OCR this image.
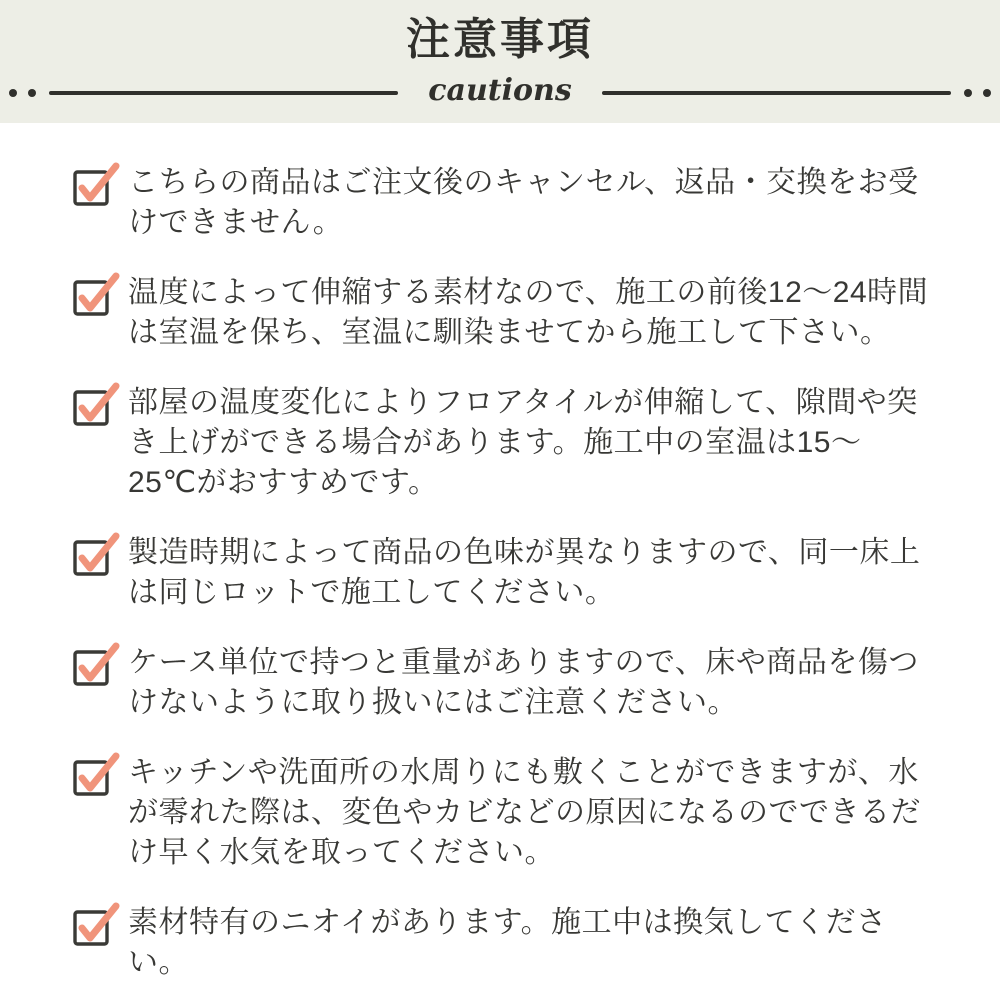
注意事項
cautions

こちらの商品はご注文後のキャンセル、返品・交換をお受けできません。

温度によって伸縮する素材なので、施工の前後12〜24時間は室温を保ち、室温に馴染ませてから施工して下さい。

部屋の温度変化によりフロアタイルが伸縮して、隙間や突き上げができる場合があります。施工中の室温は15〜25℃がおすすめです。

製造時期によって商品の色味が異なりますので、同一床上は同じロットで施工してください。

ケース単位で持つと重量がありますので、床や商品を傷つけないように取り扱いにはご注意ください。

キッチンや洗面所の水周りにも敷くことができますが、水が零れた際は、変色やカビなどの原因になるのでできるだけ早く水気を取ってください。

素材特有のニオイがあります。施工中は換気してください。
